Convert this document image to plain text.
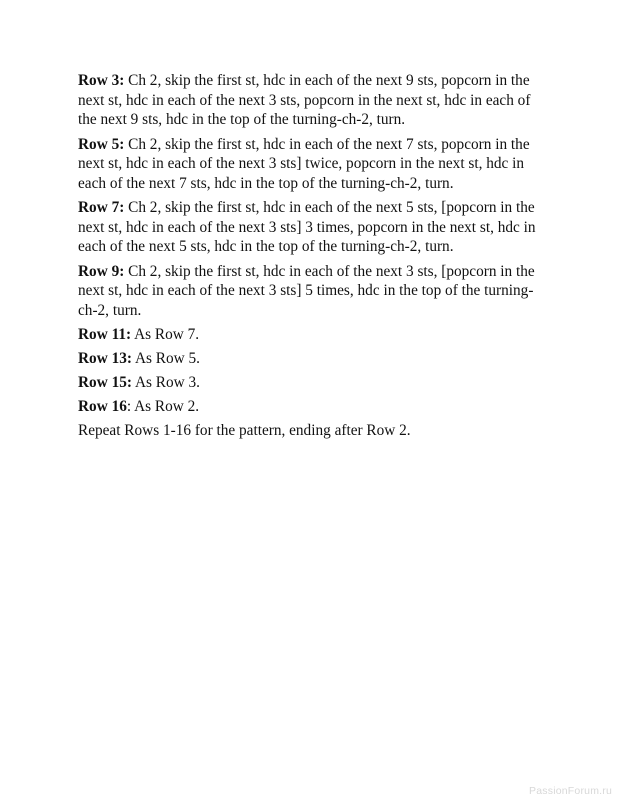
Row 3: Ch 2, skip the first st, hdc in each of the next 9 sts, popcorn in the next st, hdc in each of the next 3 sts, popcorn in the next st, hdc in each of the next 9 sts, hdc in the top of the turning-ch-2, turn.

Row 5: Ch 2, skip the first st, hdc in each of the next 7 sts, popcorn in the next st, hdc in each of the next 3 sts] twice, popcorn in the next st, hdc in each of the next 7 sts, hdc in the top of the turning-ch-2, turn.

Row 7: Ch 2, skip the first st, hdc in each of the next 5 sts, [popcorn in the next st, hdc in each of the next 3 sts] 3 times, popcorn in the next st, hdc in each of the next 5 sts, hdc in the top of the turning-ch-2, turn.

Row 9: Ch 2, skip the first st, hdc in each of the next 3 sts, [popcorn in the next st, hdc in each of the next 3 sts] 5 times, hdc in the top of the turning-ch-2, turn.

Row 11: As Row 7.

Row 13: As Row 5.

Row 15: As Row 3.

Row 16: As Row 2.

Repeat Rows 1-16 for the pattern, ending after Row 2.

PassionForum.ru
